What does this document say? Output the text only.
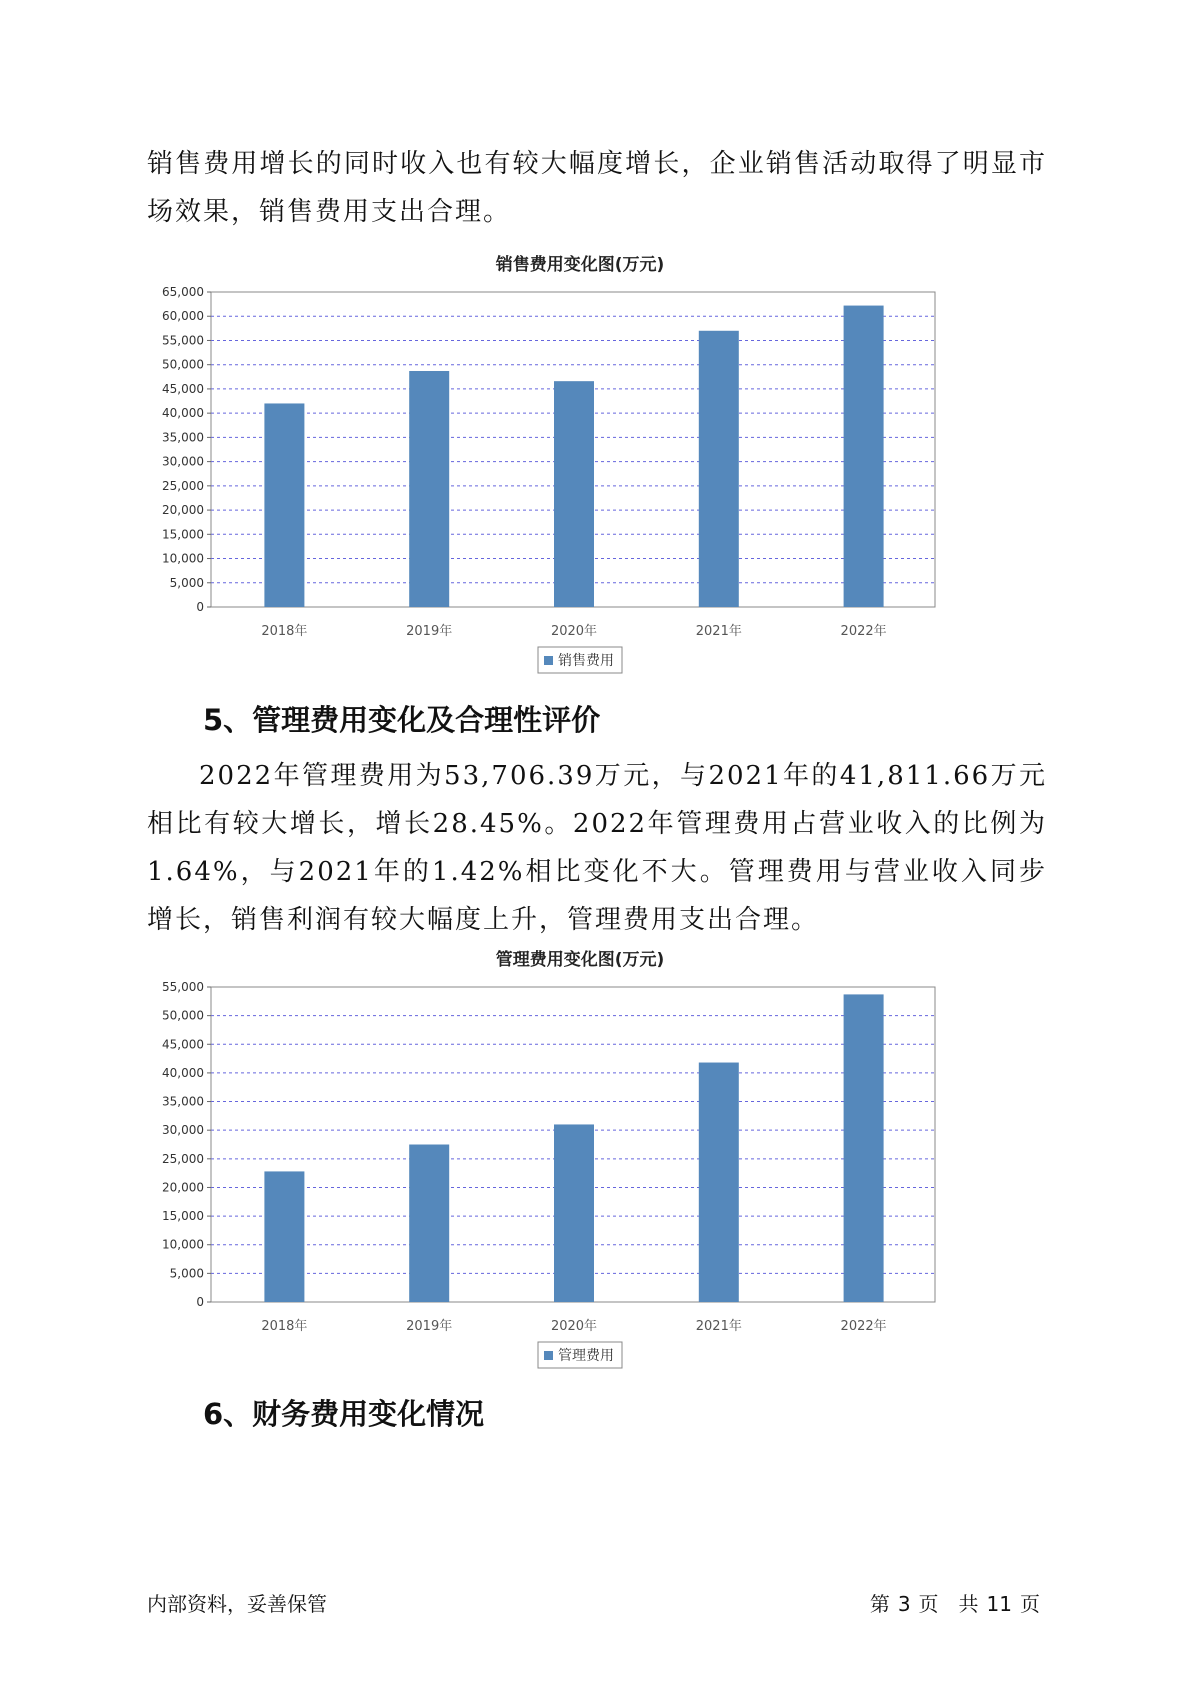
销售费用增长的同时收入也有较大幅度增长，企业销售活动取得了明显市场效果，销售费用支出合理。

销售费用变化图(万元)
0
5,000
10,000
15,000
20,000
25,000
30,000
35,000
40,000
45,000
50,000
55,000
60,000
65,000
2018年	2019年	2020年	2021年	2022年
销售费用
5、管理费用变化及合理性评价

2022年管理费用为53,706.39万元，与2021年的41,811.66万元相比有较大增长，增长28.45%。2022年管理费用占营业收入的比例为1.64%，与2021年的1.42%相比变化不大。管理费用与营业收入同步增长，销售利润有较大幅度上升，管理费用支出合理。

管理费用变化图(万元)
0
5,000
10,000
15,000
20,000
25,000
30,000
35,000
40,000
45,000
50,000
55,000
2018年	2019年	2020年	2021年	2022年
管理费用
6、财务费用变化情况
内部资料，妥善保管	第 3 页　共 11 页
